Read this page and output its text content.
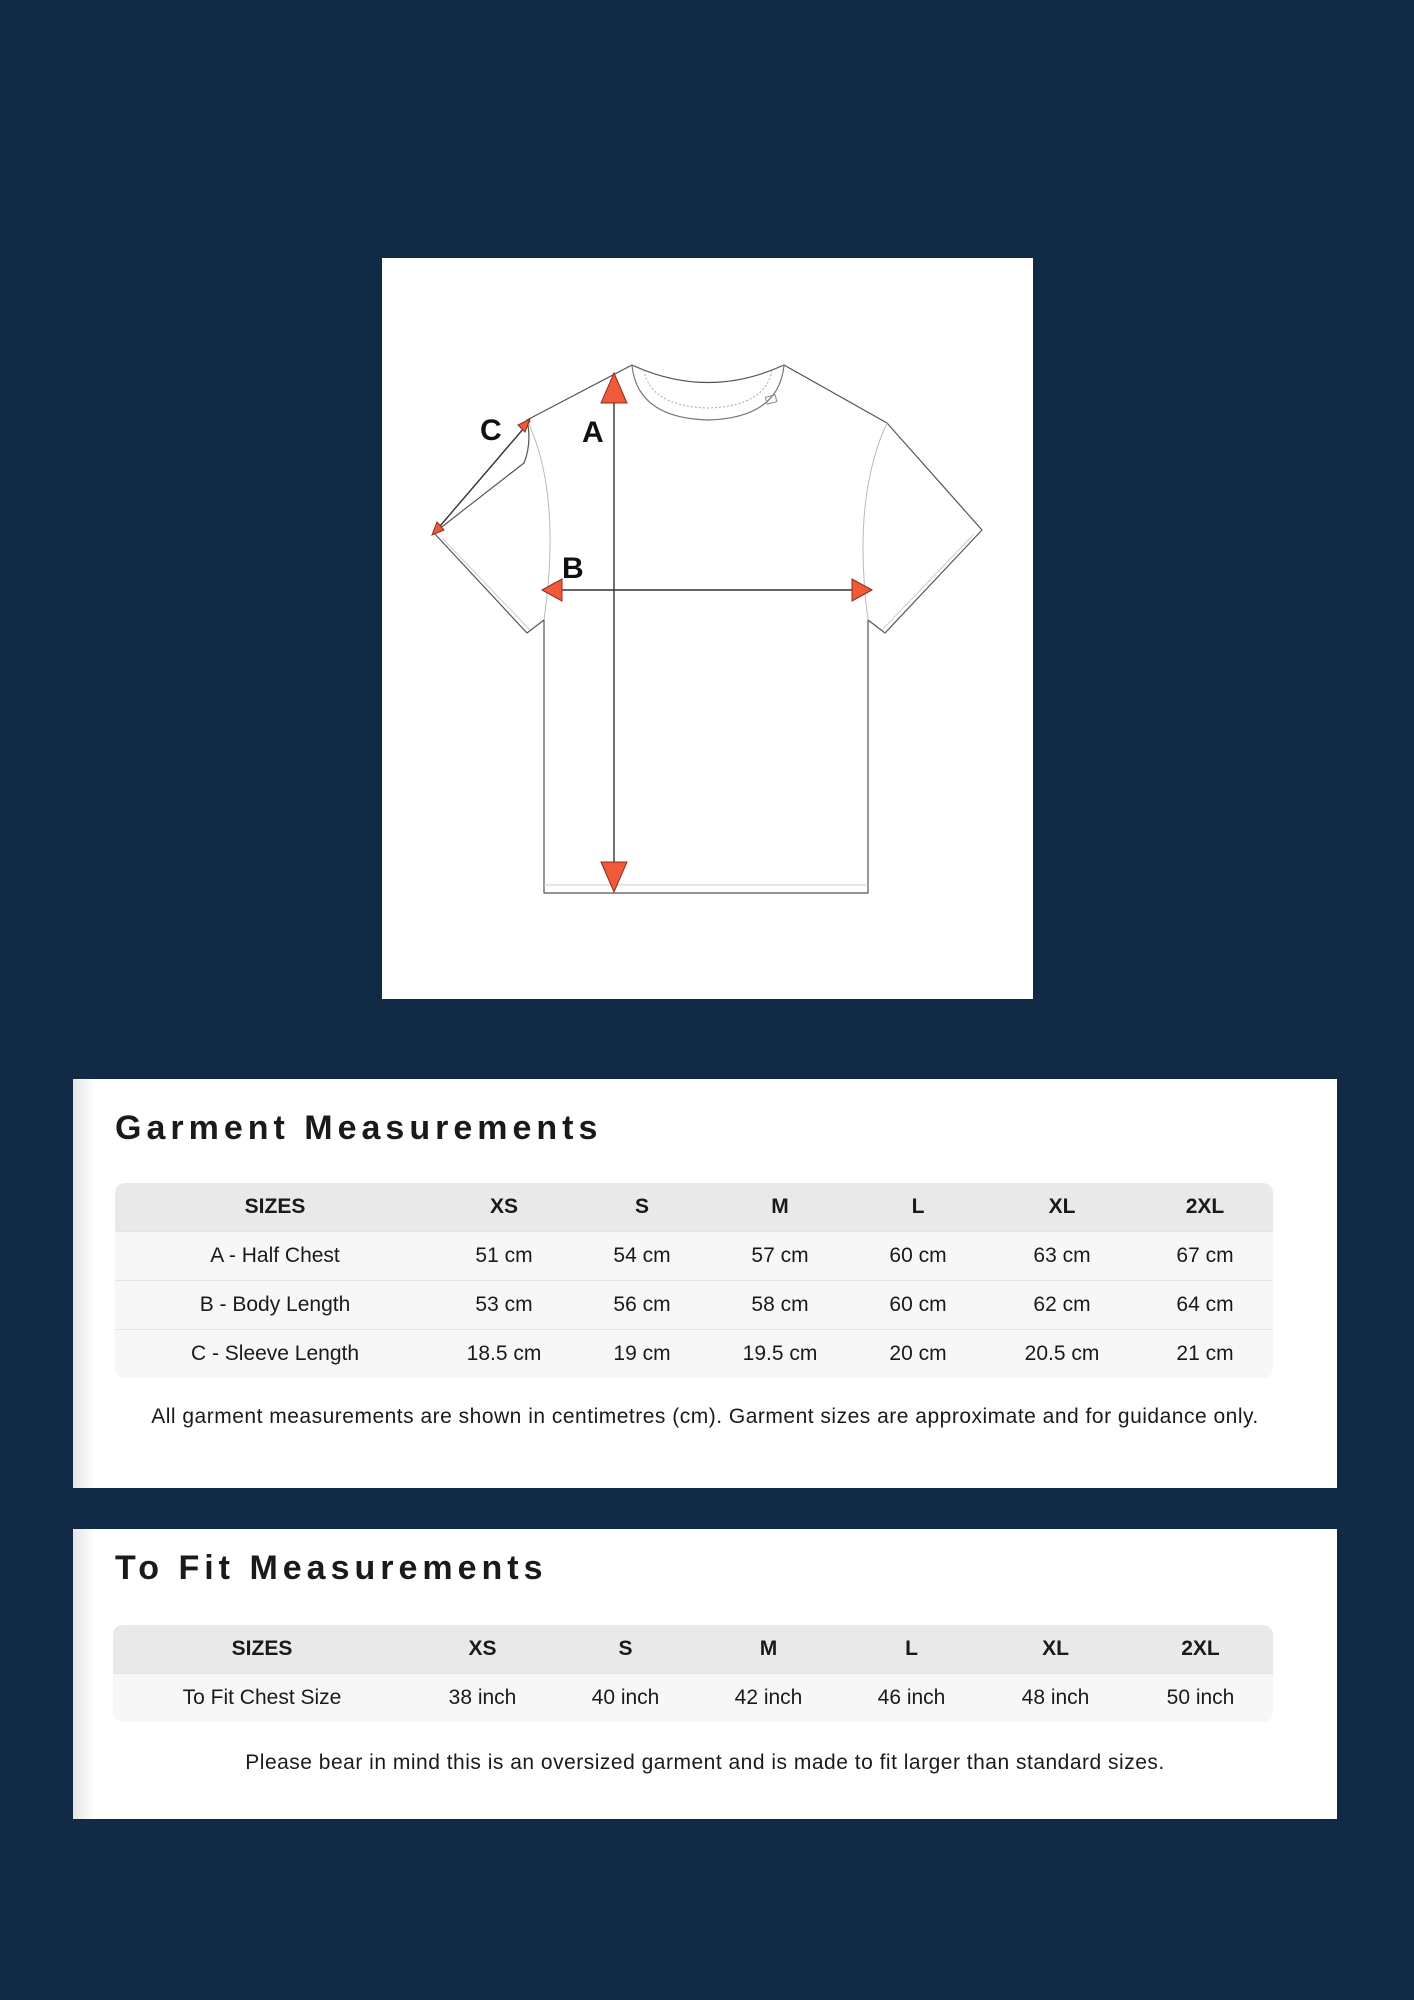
C	A
B
Garment Measurements
SIZES	XS	S	M	L	XL	2XL
A - Half Chest	51 cm	54 cm	57 cm	60 cm	63 cm	67 cm
B - Body Length	53 cm	56 cm	58 cm	60 cm	62 cm	64 cm
C - Sleeve Length	18.5 cm	19 cm	19.5 cm	20 cm	20.5 cm	21 cm

All garment measurements are shown in centimetres (cm). Garment sizes are approximate and for guidance only.

To Fit Measurements
SIZES	XS	S	M	L	XL	2XL
To Fit Chest Size	38 inch	40 inch	42 inch	46 inch	48 inch	50 inch

Please bear in mind this is an oversized garment and is made to fit larger than standard sizes.
